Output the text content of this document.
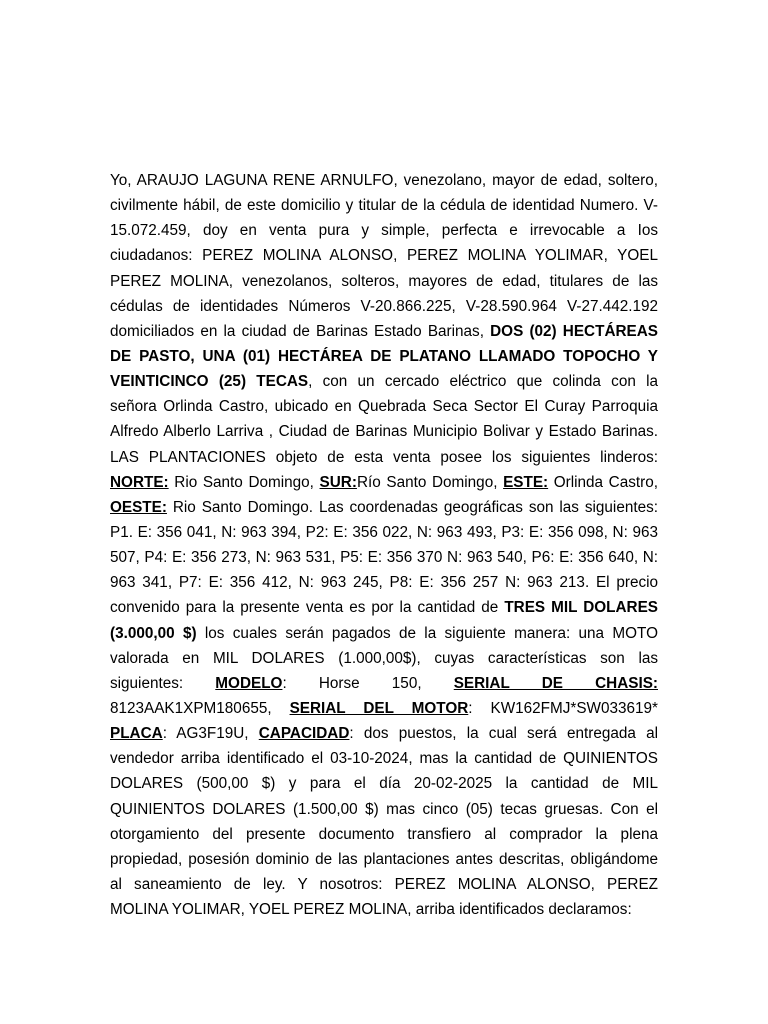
Yo, ARAUJO LAGUNA RENE ARNULFO, venezolano, mayor de edad, soltero,
civilmente hábil, de este domicilio y titular de la cédula de identidad Numero. V-
15.072.459, doy en venta pura y simple, perfecta e irrevocable a Ios
ciudadanos: PEREZ MOLINA ALONSO, PEREZ MOLINA YOLIMAR, YOEL
PEREZ MOLINA, venezolanos, solteros, mayores de edad, titulares de las
cédulas de identidades Números V-20.866.225, V-28.590.964 V-27.442.192
domiciliados en la ciudad de Barinas Estado Barinas, DOS (02) HECTÁREAS
DE PASTO, UNA (01) HECTÁREA DE PLATANO LLAMADO TOPOCHO Y
VEINTICINCO (25) TECAS, con un cercado eléctrico que colinda con la
señora Orlinda Castro, ubicado en Quebrada Seca Sector El Curay Parroquia
Alfredo Alberlo Larriva , Ciudad de Barinas Municipio Bolivar y Estado Barinas.
LAS PLANTACIONES objeto de esta venta posee los siguientes linderos:
NORTE: Rio Santo Domingo, SUR:Río Santo Domingo, ESTE: Orlinda Castro,
OESTE: Rio Santo Domingo. Las coordenadas geográficas son las siguientes:
P1. E: 356 041, N: 963 394, P2: E: 356 022, N: 963 493, P3: E: 356 098, N: 963
507, P4: E: 356 273, N: 963 531, P5: E: 356 370 N: 963 540, P6: E: 356 640, N:
963 341, P7: E: 356 412, N: 963 245, P8: E: 356 257 N: 963 213. El precio
convenido para la presente venta es por la cantidad de TRES MIL DOLARES
(3.000,00 $) los cuales serán pagados de la siguiente manera: una MOTO
valorada en MIL DOLARES (1.000,00$), cuyas características son las
siguientes: MODELO: Horse 150, SERIAL DE CHASIS:
8123AAK1XPM180655, SERIAL DEL MOTOR: KW162FMJ*SW033619*
PLACA: AG3F19U, CAPACIDAD: dos puestos, la cual será entregada al
vendedor arriba identificado el 03-10-2024, mas la cantidad de QUINIENTOS
DOLARES (500,00 $) y para el día 20-02-2025 la cantidad de MIL
QUINIENTOS DOLARES (1.500,00 $) mas cinco (05) tecas gruesas. Con el
otorgamiento del presente documento transfiero al comprador la plena
propiedad, posesión dominio de las plantaciones antes descritas, obligándome
al saneamiento de ley. Y nosotros: PEREZ MOLINA ALONSO, PEREZ
MOLINA YOLIMAR, YOEL PEREZ MOLINA, arriba identificados declaramos:
